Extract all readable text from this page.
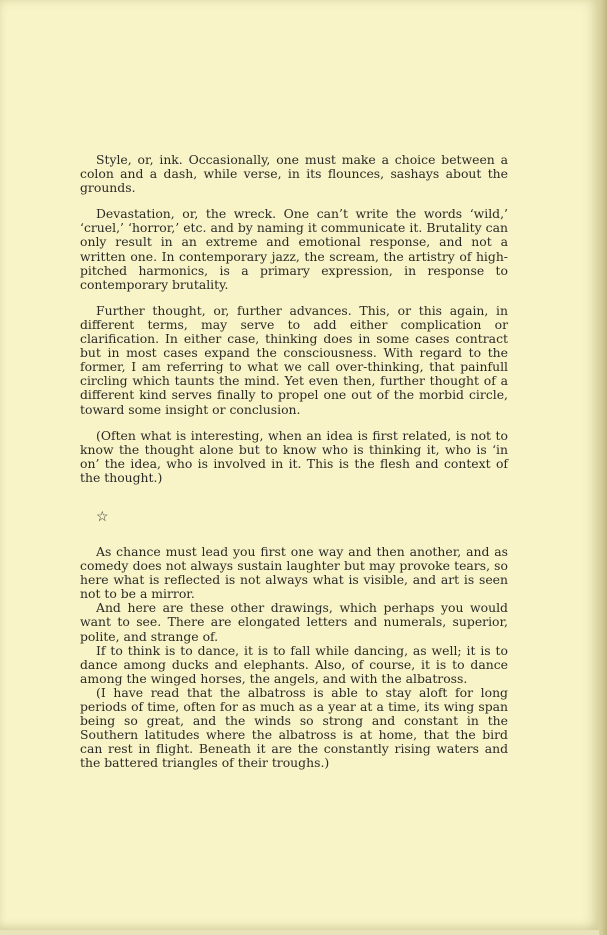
Style, or, ink. Occasionally, one must make a choice between a colon and a dash, while verse, in its flounces, sashays about the grounds.

Devastation, or, the wreck. One can’t write the words ‘wild,’ ‘cruel,’ ‘horror,’ etc. and by naming it communicate it. Brutality can only result in an extreme and emotional response, and not a written one. In contemporary jazz, the scream, the artistry of high-pitched harmonics, is a primary expression, in response to contemporary brutality.

Further thought, or, further advances. This, or this again, in different terms, may serve to add either complication or clarification. In either case, thinking does in some cases contract but in most cases expand the consciousness. With regard to the former, I am referring to what we call over-thinking, that painfull circling which taunts the mind. Yet even then, further thought of a different kind serves finally to propel one out of the morbid circle, toward some insight or conclusion.

(Often what is interesting, when an idea is first related, is not to know the thought alone but to know who is thinking it, who is ‘in on’ the idea, who is involved in it. This is the flesh and context of the thought.)

☆

As chance must lead you first one way and then another, and as comedy does not always sustain laughter but may provoke tears, so here what is reflected is not always what is visible, and art is seen not to be a mirror.

And here are these other drawings, which perhaps you would want to see. There are elongated letters and numerals, superior, polite, and strange of.

If to think is to dance, it is to fall while dancing, as well; it is to dance among ducks and elephants. Also, of course, it is to dance among the winged horses, the angels, and with the albatross.

(I have read that the albatross is able to stay aloft for long periods of time, often for as much as a year at a time, its wing span being so great, and the winds so strong and constant in the Southern latitudes where the albatross is at home, that the bird can rest in flight. Beneath it are the constantly rising waters and the battered triangles of their troughs.)
